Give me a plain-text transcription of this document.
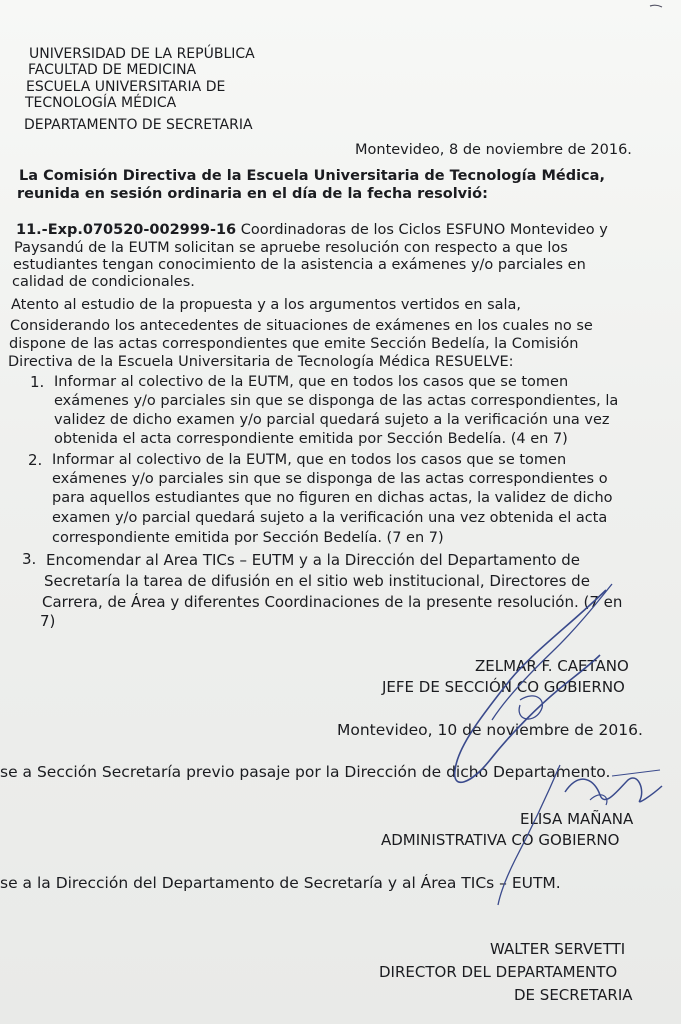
UNIVERSIDAD DE LA REPÚBLICA
FACULTAD DE MEDICINA
ESCUELA UNIVERSITARIA DE
TECNOLOGÍA MÉDICA
DEPARTAMENTO DE SECRETARIA
Montevideo, 8 de noviembre de 2016.
La Comisión Directiva de la Escuela Universitaria de Tecnología Médica,
reunida en sesión ordinaria en el día de la fecha resolvió:
11.-Exp.070520-002999-16 Coordinadoras de los Ciclos ESFUNO Montevideo y
Paysandú de la EUTM solicitan se apruebe resolución con respecto a que los
estudiantes tengan conocimiento de la asistencia a exámenes y/o parciales en
calidad de condicionales.
Atento al estudio de la propuesta y a los argumentos vertidos en sala,
Considerando los antecedentes de situaciones de exámenes en los cuales no se
dispone de las actas correspondientes que emite Sección Bedelía, la Comisión
Directiva de la Escuela Universitaria de Tecnología Médica RESUELVE:
1. Informar al colectivo de la EUTM, que en todos los casos que se tomen
exámenes y/o parciales sin que se disponga de las actas correspondientes, la
validez de dicho examen y/o parcial quedará sujeto a la verificación una vez
obtenida el acta correspondiente emitida por Sección Bedelía. (4 en 7)
2. Informar al colectivo de la EUTM, que en todos los casos que se tomen
exámenes y/o parciales sin que se disponga de las actas correspondientes o
para aquellos estudiantes que no figuren en dichas actas, la validez de dicho
examen y/o parcial quedará sujeto a la verificación una vez obtenida el acta
correspondiente emitida por Sección Bedelía. (7 en 7)
3. Encomendar al Area TICs – EUTM y a la Dirección del Departamento de
Secretaría la tarea de difusión en el sitio web institucional, Directores de
Carrera, de Área y diferentes Coordinaciones de la presente resolución. (7 en
7)
ZELMAR F. CAETANO
JEFE DE SECCIÓN CO GOBIERNO
Montevideo, 10 de noviembre de 2016.
se a Sección Secretaría previo pasaje por la Dirección de dicho Departamento.
ELISA MAÑANA
ADMINISTRATIVA CO GOBIERNO
se a la Dirección del Departamento de Secretaría y al Área TICs – EUTM.
WALTER SERVETTI
DIRECTOR DEL DEPARTAMENTO
DE SECRETARIA
